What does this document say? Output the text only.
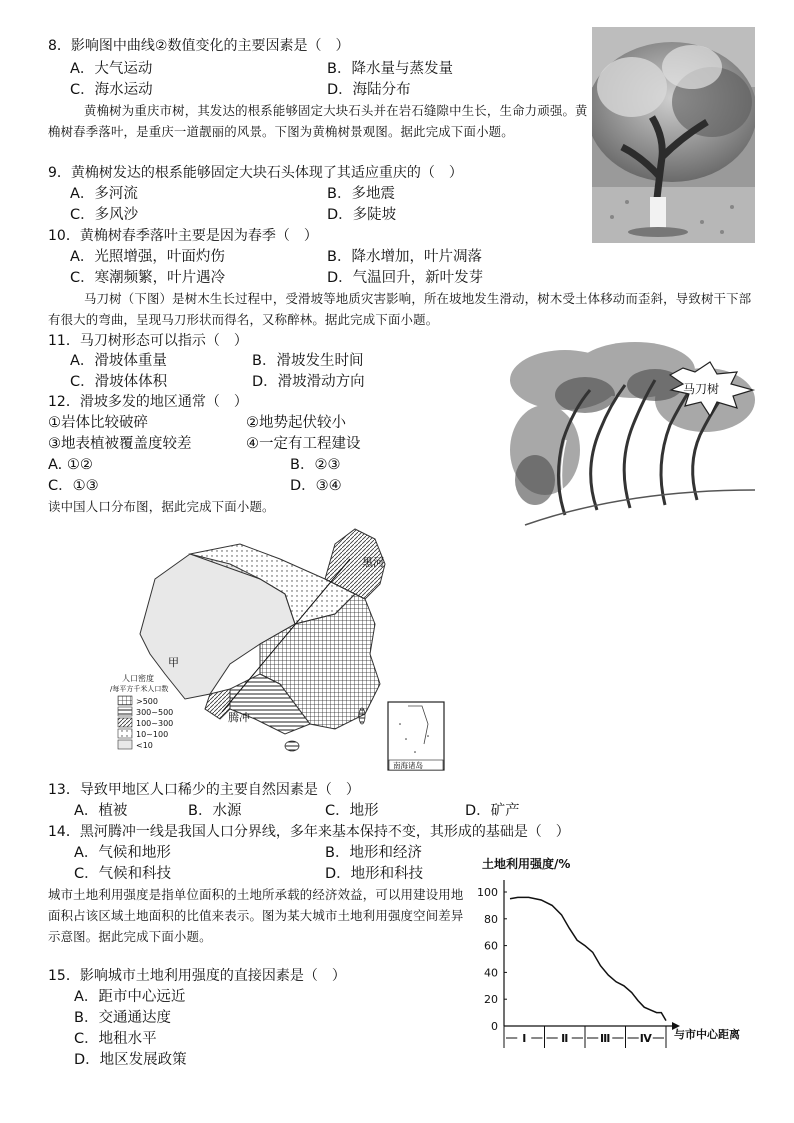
8．影响图中曲线②数值变化的主要因素是（　）
A．大气运动	B．降水量与蒸发量
C．海水运动	D．海陆分布
黄桷树为重庆市树，其发达的根系能够固定大块石头并在岩石缝隙中生长，生命力顽强。黄桷树春季落叶，是重庆一道靓丽的风景。下图为黄桷树景观图。据此完成下面小题。
9．黄桷树发达的根系能够固定大块石头体现了其适应重庆的（　）
A．多河流	B．多地震
C．多风沙	D．多陡坡
10．黄桷树春季落叶主要是因为春季（　）
A．光照增强，叶面灼伤	B．降水增加，叶片凋落
C．寒潮频繁，叶片遇冷	D．气温回升，新叶发芽
马刀树（下图）是树木生长过程中，受滑坡等地质灾害影响，所在坡地发生滑动，树木受土体移动而歪斜，导致树干下部有很大的弯曲，呈现马刀形状而得名，又称醉林。据此完成下面小题。
11．马刀树形态可以指示（　）
A．滑坡体重量	B．滑坡发生时间
C．滑坡体体积	D．滑坡滑动方向	马刀树
12．滑坡多发的地区通常（　）
①岩体比较破碎	②地势起伏较小
③地表植被覆盖度较差	④一定有工程建设
A. ①②	B．②③
C．①③	D．③④
读中国人口分布图，据此完成下面小题。
黑河
腾冲
甲
人口密度
/每平方千米人口数
>500
300~500
100~300
10~100
<10
南海诸岛
13．导致甲地区人口稀少的主要自然因素是（　）
A．植被	B．水源	C．地形	D．矿产
14．黑河腾冲一线是我国人口分界线，多年来基本保持不变，其形成的基础是（　）
A．气候和地形	B．地形和经济
C．气候和科技	D．地形和科技
城市土地利用强度是指单位面积的土地所承载的经济效益，可以用建设用地面积占该区域土地面积的比值来表示。图为某大城市土地利用强度空间差异示意图。据此完成下面小题。
15．影响城市土地利用强度的直接因素是（　）
A．距市中心远近
B．交通通达度
C．地租水平
D．地区发展政策
土地利用强度/%
100
80
60
40
20
0
与市中心距离
Ⅰ	Ⅱ	Ⅲ	Ⅳ
